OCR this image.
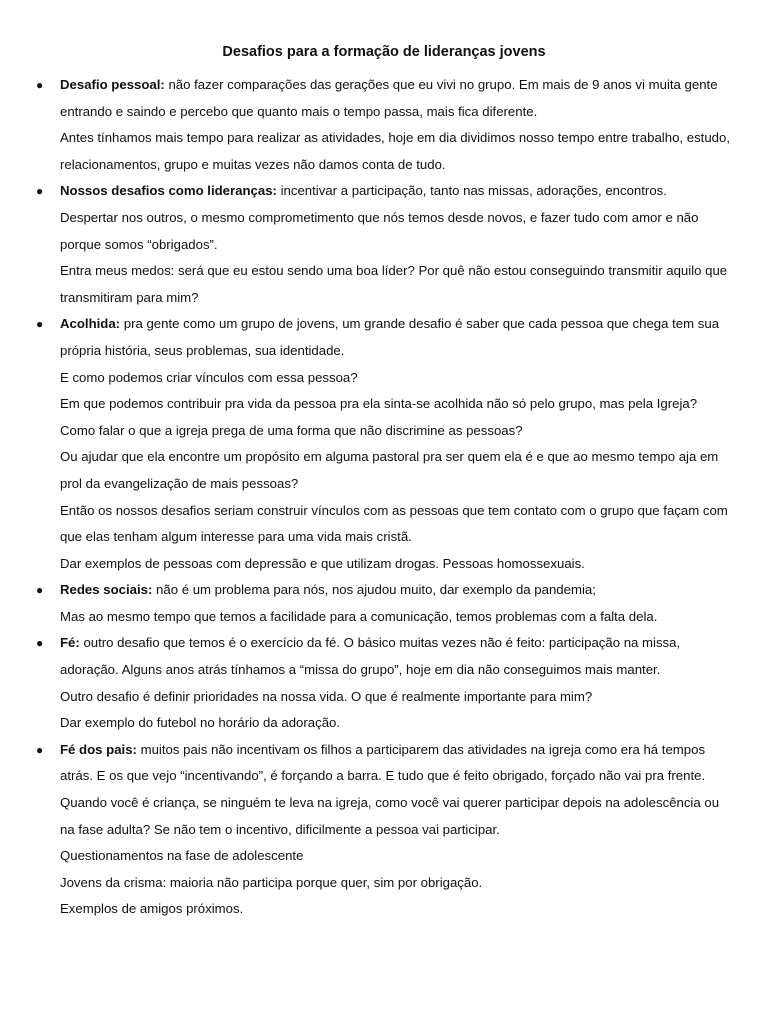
Desafios para a formação de lideranças jovens
● Desafio pessoal: não fazer comparações das gerações que eu vivi no grupo. Em mais de 9 anos vi muita gente entrando e saindo e percebo que quanto mais o tempo passa, mais fica diferente.

Antes tínhamos mais tempo para realizar as atividades, hoje em dia dividimos nosso tempo entre trabalho, estudo, relacionamentos, grupo e muitas vezes não damos conta de tudo.

● Nossos desafios como lideranças: incentivar a participação, tanto nas missas, adorações, encontros.

Despertar nos outros, o mesmo comprometimento que nós temos desde novos, e fazer tudo com amor e não porque somos “obrigados”.

Entra meus medos: será que eu estou sendo uma boa líder? Por quê não estou conseguindo transmitir aquilo que transmitiram para mim?

● Acolhida: pra gente como um grupo de jovens, um grande desafio é saber que cada pessoa que chega tem sua própria história, seus problemas, sua identidade.

E como podemos criar vínculos com essa pessoa?

Em que podemos contribuir pra vida da pessoa pra ela sinta-se acolhida não só pelo grupo, mas pela Igreja?

Como falar o que a igreja prega de uma forma que não discrimine as pessoas?

Ou ajudar que ela encontre um propósito em alguma pastoral pra ser quem ela é e que ao mesmo tempo aja em prol da evangelização de mais pessoas?

Então os nossos desafios seriam construir vínculos com as pessoas que tem contato com o grupo que façam com que elas tenham algum interesse para uma vida mais cristã.

Dar exemplos de pessoas com depressão e que utilizam drogas. Pessoas homossexuais.

● Redes sociais: não é um problema para nós, nos ajudou muito, dar exemplo da pandemia;

Mas ao mesmo tempo que temos a facilidade para a comunicação, temos problemas com a falta dela.

● Fé: outro desafio que temos é o exercício da fé. O básico muitas vezes não é feito: participação na missa, adoração. Alguns anos atrás tínhamos a “missa do grupo”, hoje em dia não conseguimos mais manter.

Outro desafio é definir prioridades na nossa vida. O que é realmente importante para mim?

Dar exemplo do futebol no horário da adoração.

● Fé dos pais: muitos pais não incentivam os filhos a participarem das atividades na igreja como era há tempos atrás. E os que vejo “incentivando”, é forçando a barra. E tudo que é feito obrigado, forçado não vai pra frente.

Quando você é criança, se ninguém te leva na igreja, como você vai querer participar depois na adolescência ou na fase adulta? Se não tem o incentivo, dificilmente a pessoa vai participar.

Questionamentos na fase de adolescente

Jovens da crisma: maioria não participa porque quer, sim por obrigação.

Exemplos de amigos próximos.
